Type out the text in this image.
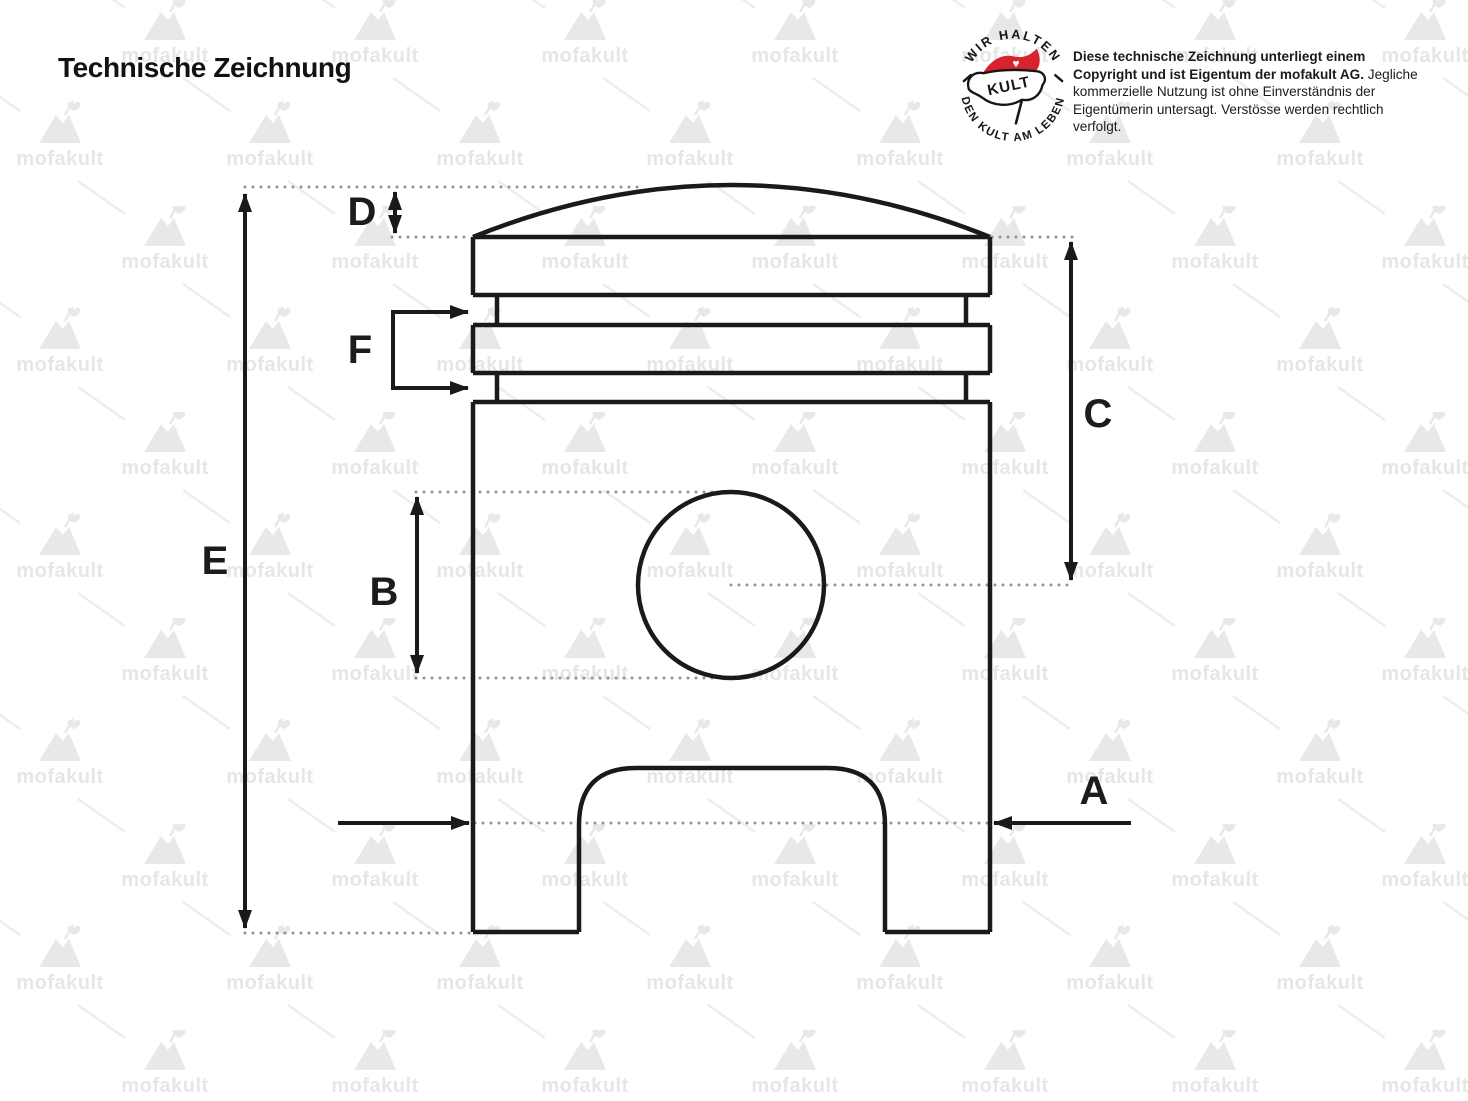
D
F
E
B
C
A
Technische Zeichnung	WIR HALTEN
DEN KULT AM LEBEN
♥
KULT
Diese technische Zeichnung unterliegt einem Copyright und ist Eigentum der mofakult AG. Jegliche kommerzielle Nutzung ist ohne Einverständnis der Eigentümerin untersagt. Verstösse werden rechtlich verfolgt.
